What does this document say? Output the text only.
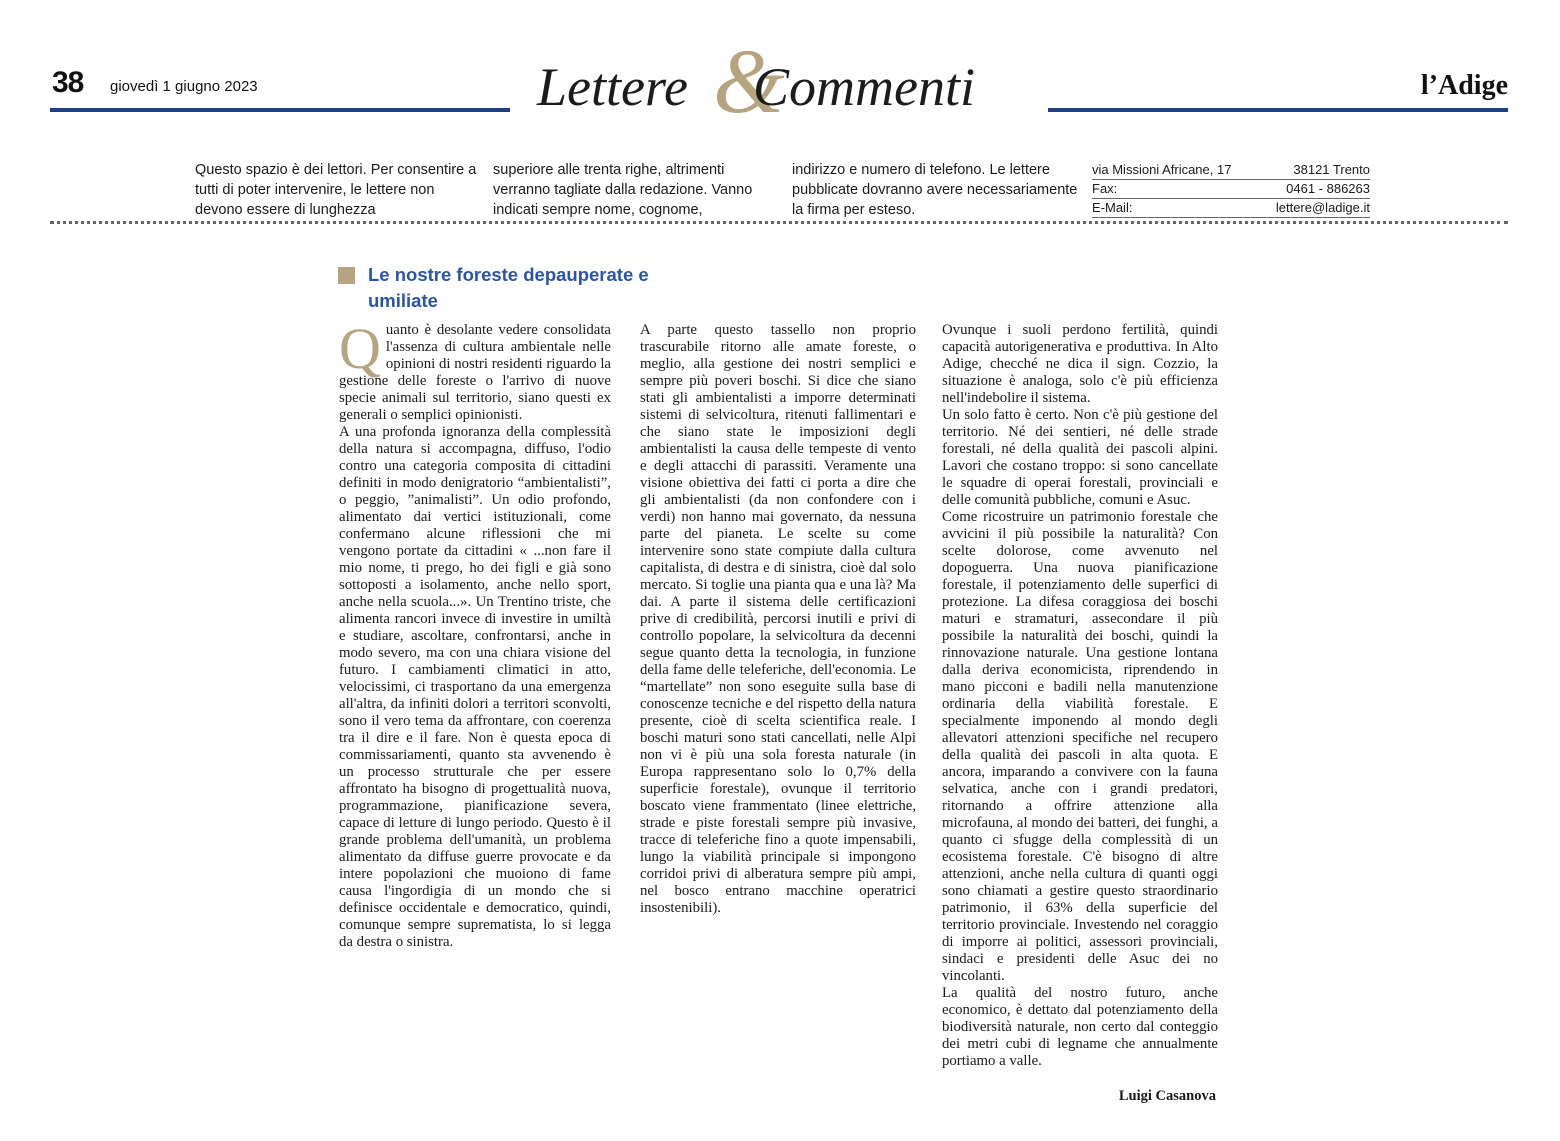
38 giovedì 1 giugno 2023	Lettere &
Commenti	l’Adige
Questo spazio è dei lettori. Per consentire a tutti di poter intervenire, le lettere non devono essere di lunghezza
superiore alle trenta righe, altrimenti verranno tagliate dalla redazione. Vanno indicati sempre nome, cognome,
indirizzo e numero di telefono. Le lettere pubblicate dovranno avere necessariamente la firma per esteso.
via Missioni Africane, 17	38121 Trento
Fax:	0461 - 886263
E-Mail:	lettere@ladige.it
Le nostre foreste depauperate e umiliate

Quanto è desolante vedere consolidata l'assenza di cultura ambientale nelle opinioni di nostri residenti riguardo la gestione delle foreste o l'arrivo di nuove specie animali sul territorio, siano questi ex generali o semplici opinionisti.

A una profonda ignoranza della complessità della natura si accompagna, diffuso, l'odio contro una categoria composita di cittadini definiti in modo denigratorio “ambientalisti”, o peggio, ”animalisti”. Un odio profondo, alimentato dai vertici istituzionali, come confermano alcune riflessioni che mi vengono portate da cittadini « ...non fare il mio nome, ti prego, ho dei figli e già sono sottoposti a isolamento, anche nello sport, anche nella scuola...». Un Trentino triste, che alimenta rancori invece di investire in umiltà e studiare, ascoltare, confrontarsi, anche in modo severo, ma con una chiara visione del futuro. I cambiamenti climatici in atto, velocissimi, ci trasportano da una emergenza all'altra, da infiniti dolori a territori sconvolti, sono il vero tema da affrontare, con coerenza tra il dire e il fare. Non è questa epoca di commissariamenti, quanto sta avvenendo è un processo strutturale che per essere affrontato ha bisogno di progettualità nuova, programmazione, pianificazione severa, capace di letture di lungo periodo. Questo è il grande problema dell'umanità, un problema alimentato da diffuse guerre provocate e da intere popolazioni che muoiono di fame causa l'ingordigia di un mondo che si definisce occidentale e democratico, quindi, comunque sempre suprematista, lo si legga da destra o sinistra.

A parte questo tassello non proprio trascurabile ritorno alle amate foreste, o meglio, alla gestione dei nostri semplici e sempre più poveri boschi. Si dice che siano stati gli ambientalisti a imporre determinati sistemi di selvicoltura, ritenuti fallimentari e che siano state le imposizioni degli ambientalisti la causa delle tempeste di vento e degli attacchi di parassiti. Veramente una visione obiettiva dei fatti ci porta a dire che gli ambientalisti (da non confondere con i verdi) non hanno mai governato, da nessuna parte del pianeta. Le scelte su come intervenire sono state compiute dalla cultura capitalista, di destra e di sinistra, cioè dal solo mercato. Si toglie una pianta qua e una là? Ma dai. A parte il sistema delle certificazioni prive di credibilità, percorsi inutili e privi di controllo popolare, la selvicoltura da decenni segue quanto detta la tecnologia, in funzione della fame delle teleferiche, dell'economia. Le “martellate” non sono eseguite sulla base di conoscenze tecniche e del rispetto della natura presente, cioè di scelta scientifica reale. I boschi maturi sono stati cancellati, nelle Alpi non vi è più una sola foresta naturale (in Europa rappresentano solo lo 0,7% della superficie forestale), ovunque il territorio boscato viene frammentato (linee elettriche, strade e piste forestali sempre più invasive, tracce di teleferiche fino a quote impensabili, lungo la viabilità principale si impongono corridoi privi di alberatura sempre più ampi, nel bosco entrano macchine operatrici insostenibili).

Ovunque i suoli perdono fertilità, quindi capacità autorigenerativa e produttiva. In Alto Adige, checché ne dica il sign. Cozzio, la situazione è analoga, solo c'è più efficienza nell'indebolire il sistema.

Un solo fatto è certo. Non c'è più gestione del territorio. Né dei sentieri, né delle strade forestali, né della qualità dei pascoli alpini. Lavori che costano troppo: si sono cancellate le squadre di operai forestali, provinciali e delle comunità pubbliche, comuni e Asuc.

Come ricostruire un patrimonio forestale che avvicini il più possibile la naturalità? Con scelte dolorose, come avvenuto nel dopoguerra. Una nuova pianificazione forestale, il potenziamento delle superfici di protezione. La difesa coraggiosa dei boschi maturi e stramaturi, assecondare il più possibile la naturalità dei boschi, quindi la rinnovazione naturale. Una gestione lontana dalla deriva economicista, riprendendo in mano picconi e badili nella manutenzione ordinaria della viabilità forestale. E specialmente imponendo al mondo degli allevatori attenzioni specifiche nel recupero della qualità dei pascoli in alta quota. E ancora, imparando a convivere con la fauna selvatica, anche con i grandi predatori, ritornando a offrire attenzione alla microfauna, al mondo dei batteri, dei funghi, a quanto ci sfugge della complessità di un ecosistema forestale. C'è bisogno di altre attenzioni, anche nella cultura di quanti oggi sono chiamati a gestire questo straordinario patrimonio, il 63% della superficie del territorio provinciale. Investendo nel coraggio di imporre ai politici, assessori provinciali, sindaci e presidenti delle Asuc dei no vincolanti.

La qualità del nostro futuro, anche economico, è dettato dal potenziamento della biodiversità naturale, non certo dal conteggio dei metri cubi di legname che annualmente portiamo a valle.

Luigi Casanova
